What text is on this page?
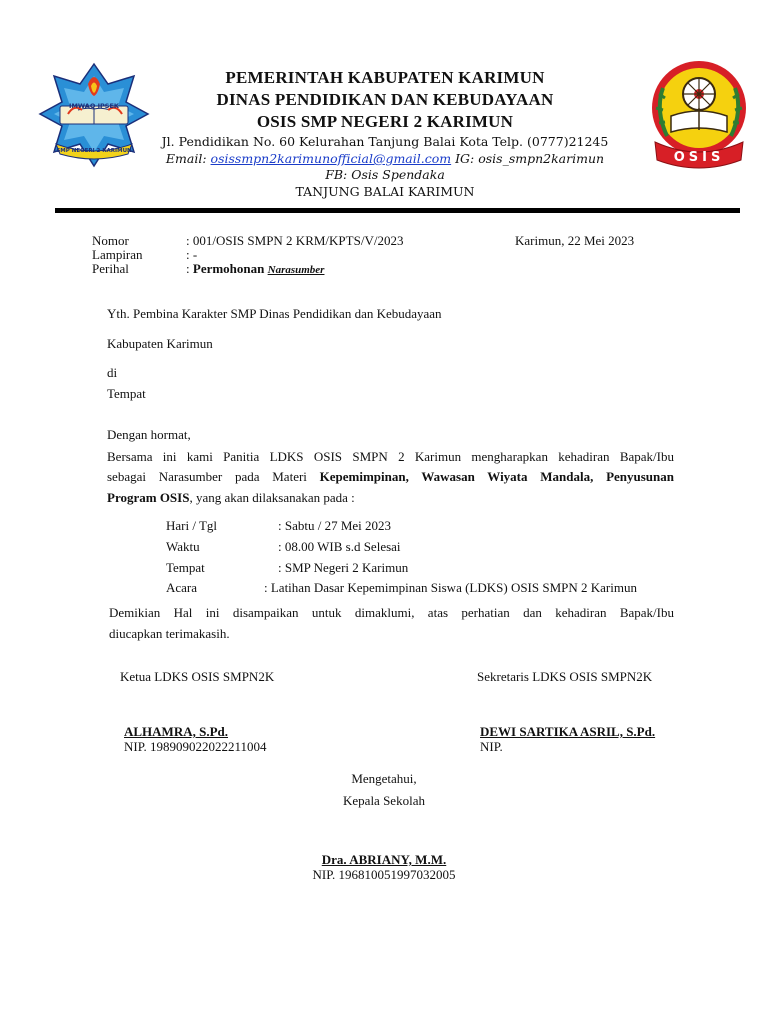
IMWAQ IPSEK
SMP NEGERI 2 KARIMUN	OSIS
PEMERINTAH KABUPATEN KARIMUN
DINAS PENDIDIKAN DAN KEBUDAYAAN
OSIS SMP NEGERI 2 KARIMUN
Jl. Pendidikan No. 60 Kelurahan Tanjung Balai Kota Telp. (0777)21245
Email: osissmpn2karimunofficial@gmail.com IG: osis_smpn2karimun
FB: Osis Spendaka
TANJUNG BALAI KARIMUN
Nomor	: 001/OSIS SMPN 2 KRM/KPTS/V/2023	Karimun, 22 Mei 2023
Lampiran	: -
Perihal	: Permohonan Narasumber
Yth. Pembina Karakter SMP Dinas Pendidikan dan Kebudayaan
Kabupaten Karimun
di
Tempat
Dengan hormat,
Bersama ini kami Panitia LDKS OSIS SMPN 2 Karimun mengharapkan kehadiran Bapak/Ibu
sebagai Narasumber pada Materi Kepemimpinan, Wawasan Wiyata Mandala, Penyusunan
Program OSIS, yang akan dilaksanakan pada :
Hari / Tgl	: Sabtu / 27 Mei 2023
Waktu	: 08.00 WIB s.d Selesai
Tempat	: SMP Negeri 2 Karimun
Acara	: Latihan Dasar Kepemimpinan Siswa (LDKS) OSIS SMPN 2 Karimun
Demikian Hal ini disampaikan untuk dimaklumi, atas perhatian dan kehadiran Bapak/Ibu
diucapkan terimakasih.
Ketua LDKS OSIS SMPN2K	Sekretaris LDKS OSIS SMPN2K
ALHAMRA, S.Pd.
NIP. 198909022022211004
DEWI SARTIKA ASRIL, S.Pd.
NIP.
Mengetahui,
Kepala Sekolah
Dra. ABRIANY, M.M.
NIP. 196810051997032005
